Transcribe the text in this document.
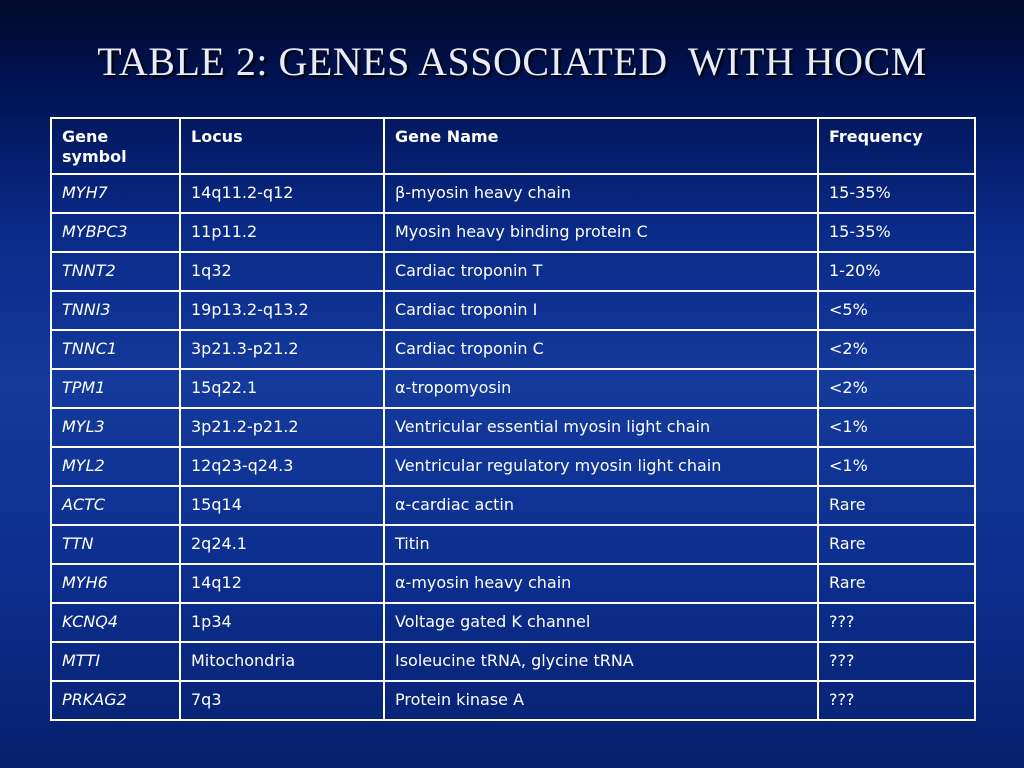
TABLE 2: GENES ASSOCIATED  WITH HOCM
Gene symbol	Locus	Gene Name	Frequency
MYH7	14q11.2-q12	β-myosin heavy chain	15-35%
MYBPC3	11p11.2	Myosin heavy binding protein C	15-35%
TNNT2	1q32	Cardiac troponin T	1-20%
TNNI3	19p13.2-q13.2	Cardiac troponin I	<5%
TNNC1	3p21.3-p21.2	Cardiac troponin C	<2%
TPM1	15q22.1	α-tropomyosin	<2%
MYL3	3p21.2-p21.2	Ventricular essential myosin light chain	<1%
MYL2	12q23-q24.3	Ventricular regulatory myosin light chain	<1%
ACTC	15q14	α-cardiac actin	Rare
TTN	2q24.1	Titin	Rare
MYH6	14q12	α-myosin heavy chain	Rare
KCNQ4	1p34	Voltage gated K channel	???
MTTI	Mitochondria	Isoleucine tRNA, glycine tRNA	???
PRKAG2	7q3	Protein kinase A	???
